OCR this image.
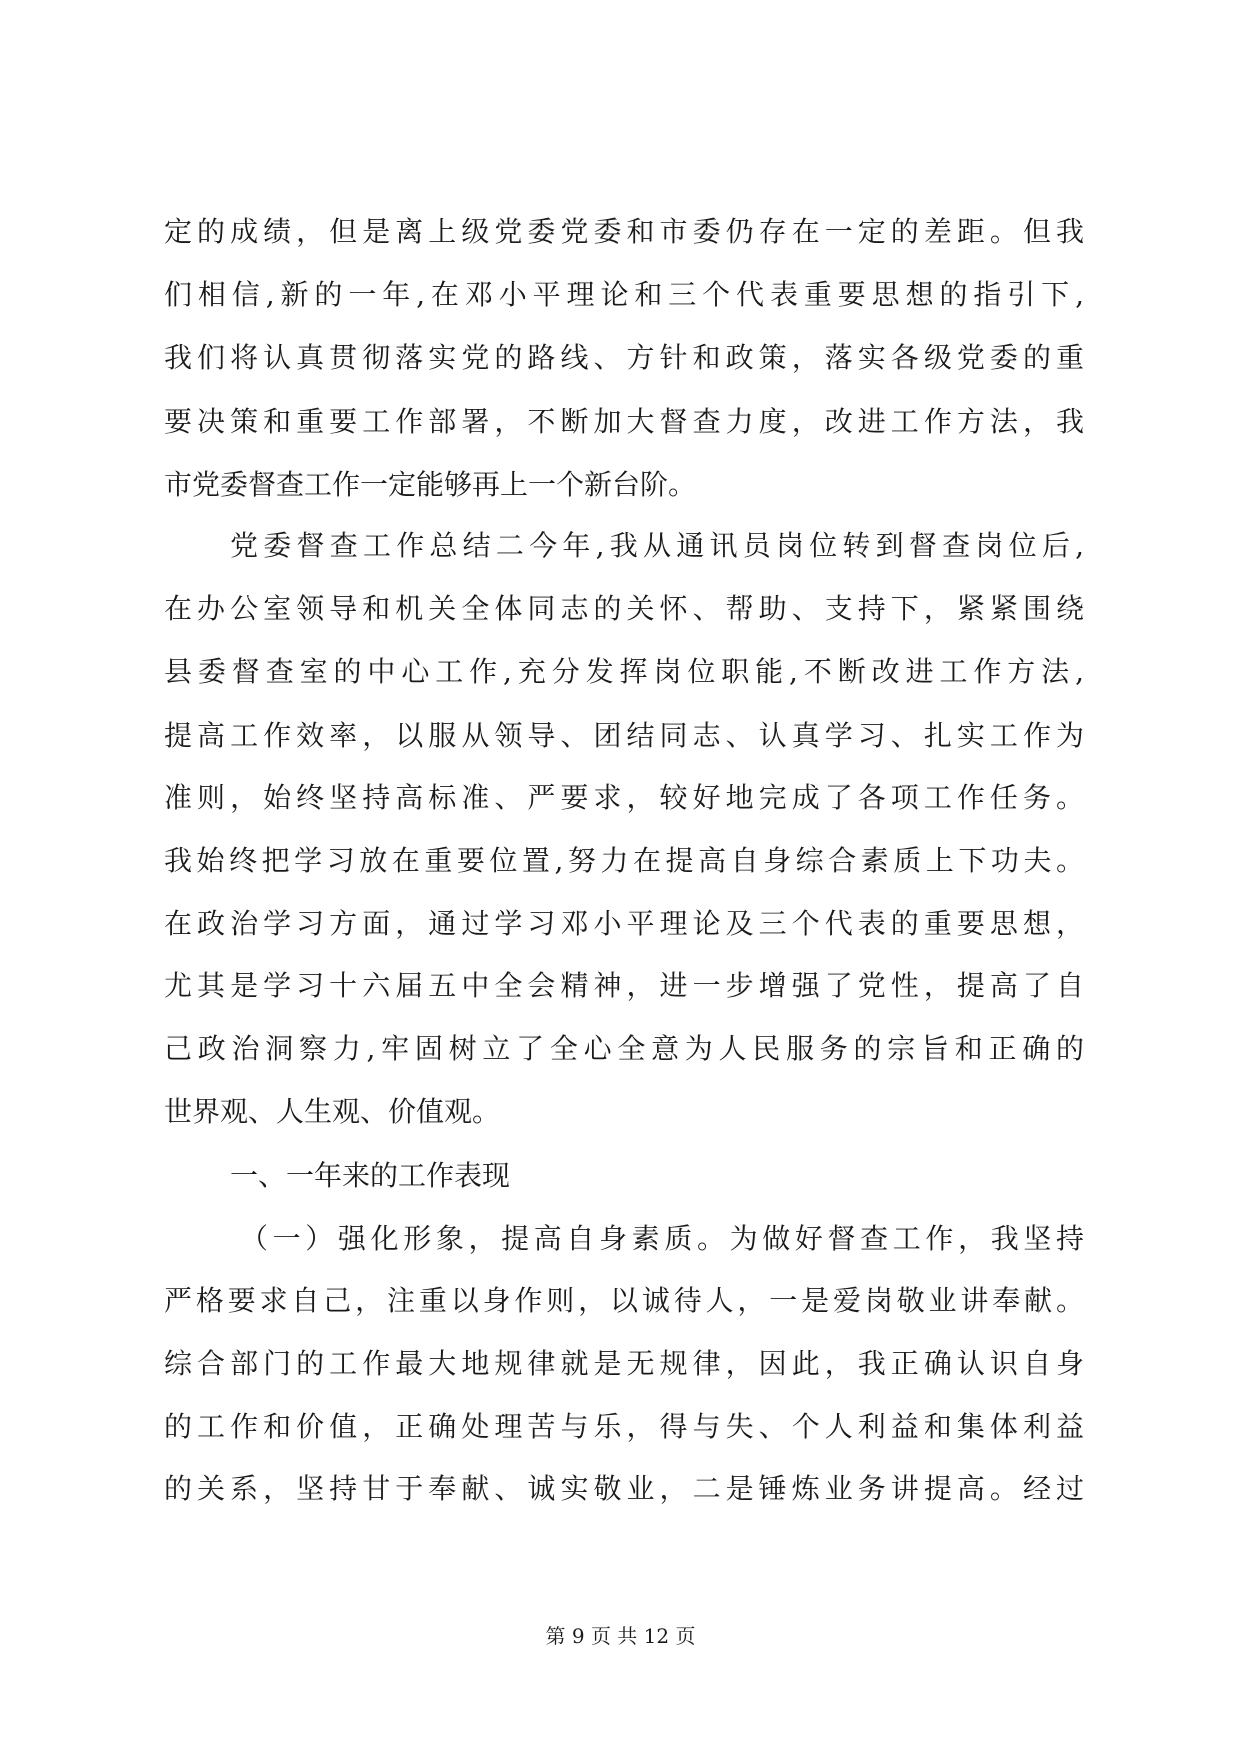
定的成绩，但是离上级党委党委和市委仍存在一定的差距。但我
们相信,新的一年,在邓小平理论和三个代表重要思想的指引下,
我们将认真贯彻落实党的路线、方针和政策，落实各级党委的重
要决策和重要工作部署，不断加大督查力度，改进工作方法，我
市党委督查工作一定能够再上一个新台阶。
党委督查工作总结二今年,我从通讯员岗位转到督查岗位后,
在办公室领导和机关全体同志的关怀、帮助、支持下，紧紧围绕
县委督查室的中心工作,充分发挥岗位职能,不断改进工作方法,
提高工作效率，以服从领导、团结同志、认真学习、扎实工作为
准则，始终坚持高标准、严要求，较好地完成了各项工作任务。
我始终把学习放在重要位置,努力在提高自身综合素质上下功夫。
在政治学习方面，通过学习邓小平理论及三个代表的重要思想，
尤其是学习十六届五中全会精神，进一步增强了党性，提高了自
己政治洞察力,牢固树立了全心全意为人民服务的宗旨和正确的
世界观、人生观、价值观。
一、一年来的工作表现
（一）强化形象，提高自身素质。为做好督查工作，我坚持
严格要求自己，注重以身作则，以诚待人，一是爱岗敬业讲奉献。
综合部门的工作最大地规律就是无规律，因此，我正确认识自身
的工作和价值，正确处理苦与乐，得与失、个人利益和集体利益
的关系，坚持甘于奉献、诚实敬业，二是锤炼业务讲提高。经过
第 9 页 共 12 页
